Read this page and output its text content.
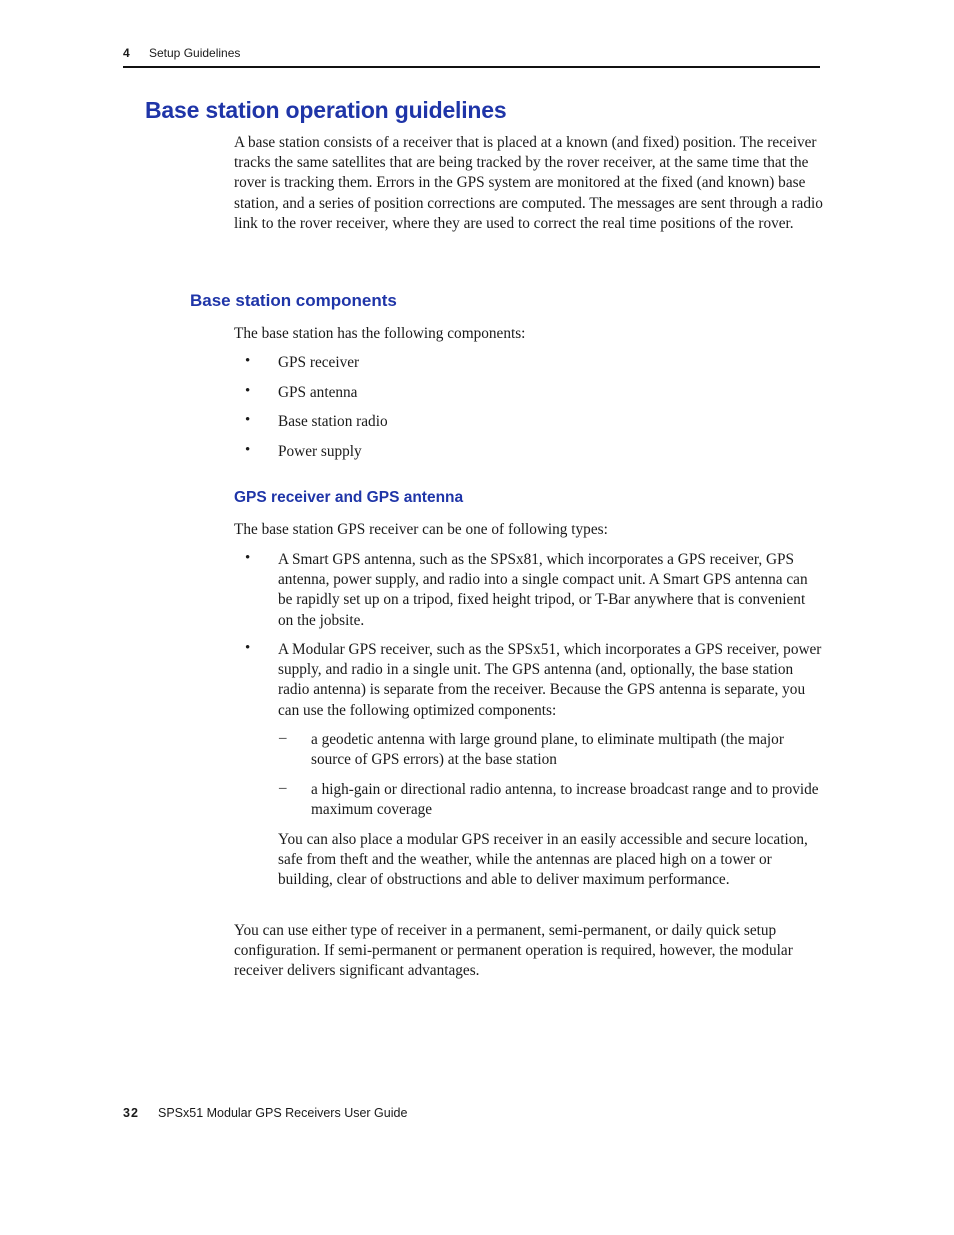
4 Setup Guidelines
Base station operation guidelines

A base station consists of a receiver that is placed at a known (and fixed) position. The receiver tracks the same satellites that are being tracked by the rover receiver, at the same time that the rover is tracking them. Errors in the GPS system are monitored at the fixed (and known) base station, and a series of position corrections are computed. The messages are sent through a radio link to the rover receiver, where they are used to correct the real time positions of the rover.

Base station components

The base station has the following components:

• GPS receiver

• GPS antenna

• Base station radio

• Power supply

GPS receiver and GPS antenna

The base station GPS receiver can be one of following types:

• A Smart GPS antenna, such as the SPSx81, which incorporates a GPS receiver, GPS antenna, power supply, and radio into a single compact unit. A Smart GPS antenna can be rapidly set up on a tripod, fixed height tripod, or T-Bar anywhere that is convenient on the jobsite.

• A Modular GPS receiver, such as the SPSx51, which incorporates a GPS receiver, power supply, and radio in a single unit. The GPS antenna (and, optionally, the base station radio antenna) is separate from the receiver. Because the GPS antenna is separate, you can use the following optimized components:

– a geodetic antenna with large ground plane, to eliminate multipath (the major source of GPS errors) at the base station

– a high-gain or directional radio antenna, to increase broadcast range and to provide maximum coverage

You can also place a modular GPS receiver in an easily accessible and secure location, safe from theft and the weather, while the antennas are placed high on a tower or building, clear of obstructions and able to deliver maximum performance.

You can use either type of receiver in a permanent, semi-permanent, or daily quick setup configuration. If semi-permanent or permanent operation is required, however, the modular receiver delivers significant advantages.

32 SPSx51 Modular GPS Receivers User Guide
